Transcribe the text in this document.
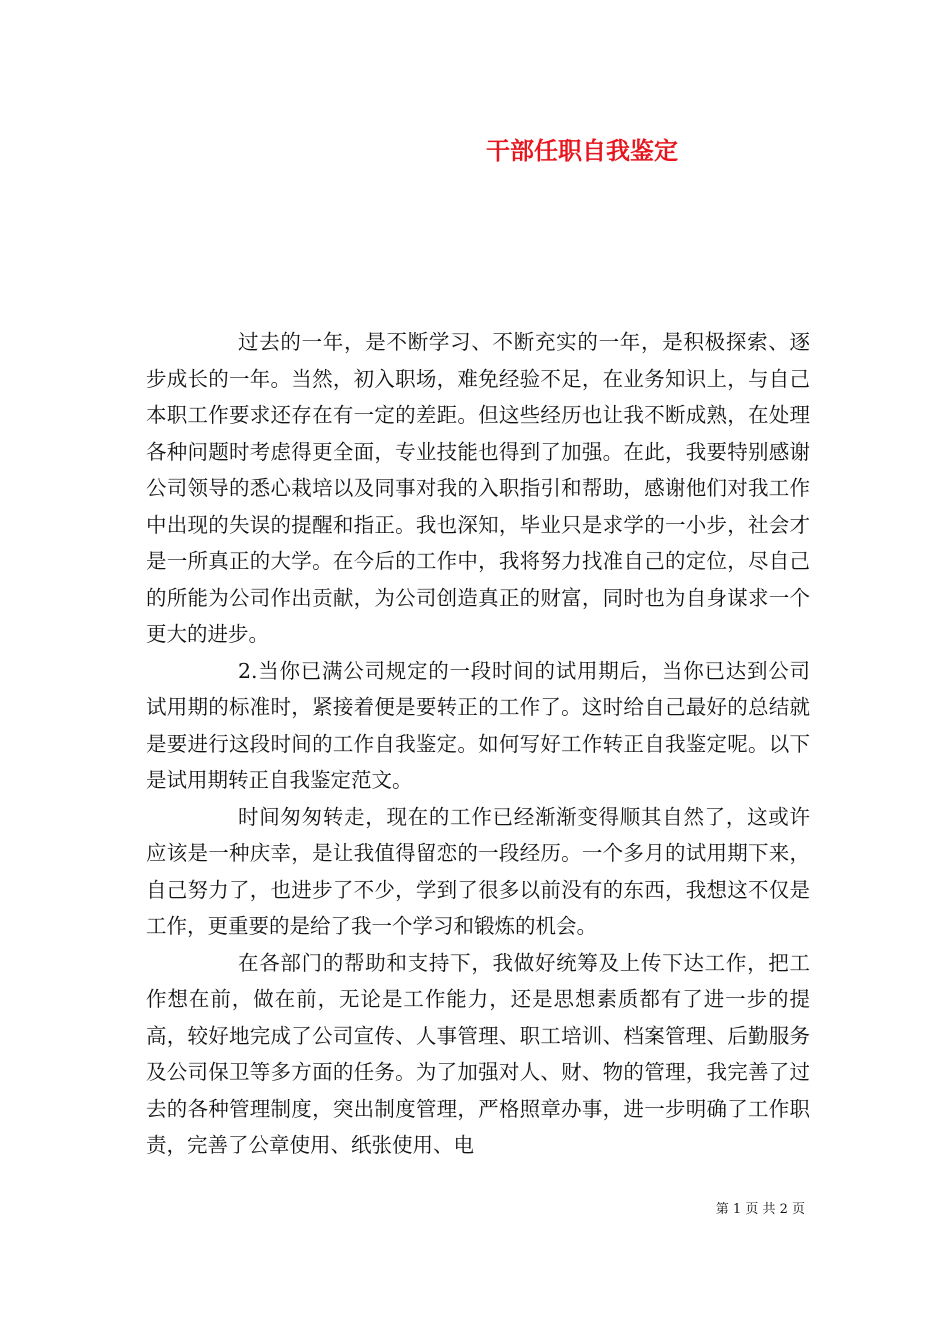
干部任职自我鉴定

过去的一年，是不断学习、不断充实的一年，是积极探索、逐步成长的一年。当然，初入职场，难免经验不足，在业务知识上，与自己本职工作要求还存在有一定的差距。但这些经历也让我不断成熟，在处理各种问题时考虑得更全面，专业技能也得到了加强。在此，我要特别感谢公司领导的悉心栽培以及同事对我的入职指引和帮助，感谢他们对我工作中出现的失误的提醒和指正。我也深知，毕业只是求学的一小步，社会才是一所真正的大学。在今后的工作中，我将努力找准自己的定位，尽自己的所能为公司作出贡献，为公司创造真正的财富，同时也为自身谋求一个更大的进步。

2.当你已满公司规定的一段时间的试用期后，当你已达到公司试用期的标准时，紧接着便是要转正的工作了。这时给自己最好的总结就是要进行这段时间的工作自我鉴定。如何写好工作转正自我鉴定呢。以下是试用期转正自我鉴定范文。

时间匆匆转走，现在的工作已经渐渐变得顺其自然了，这或许应该是一种庆幸，是让我值得留恋的一段经历。一个多月的试用期下来，自己努力了，也进步了不少，学到了很多以前没有的东西，我想这不仅是工作，更重要的是给了我一个学习和锻炼的机会。

在各部门的帮助和支持下，我做好统筹及上传下达工作，把工作想在前，做在前，无论是工作能力，还是思想素质都有了进一步的提高，较好地完成了公司宣传、人事管理、职工培训、档案管理、后勤服务及公司保卫等多方面的任务。为了加强对人、财、物的管理，我完善了过去的各种管理制度，突出制度管理，严格照章办事，进一步明确了工作职责，完善了公章使用、纸张使用、电

第 1 页 共 2 页
